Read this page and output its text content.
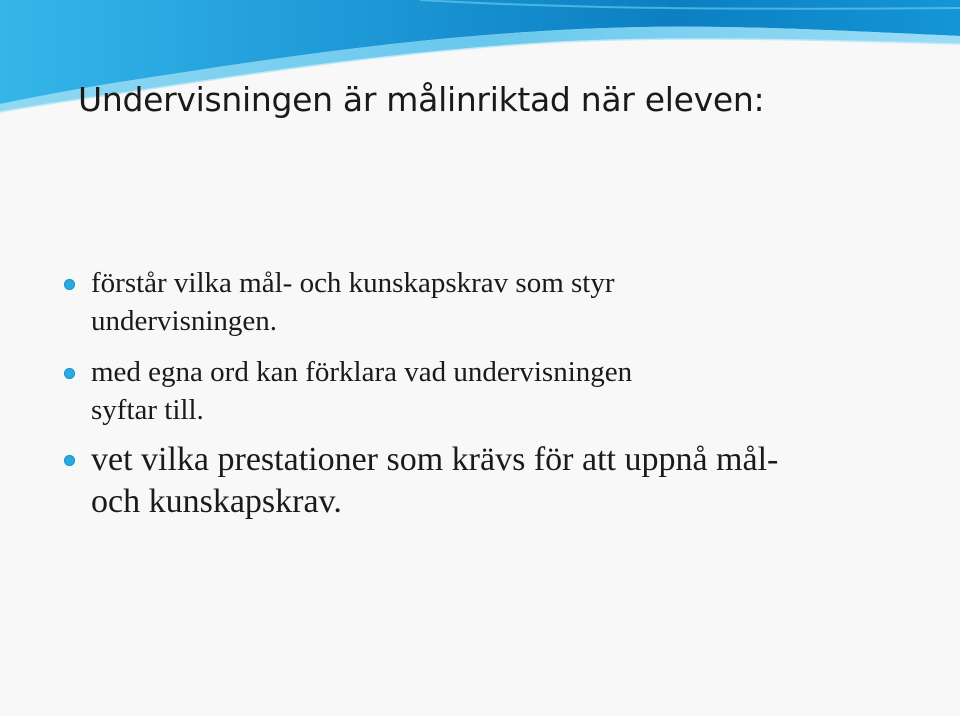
Undervisningen är målinriktad när eleven:
förstår vilka mål- och kunskapskrav som styr
undervisningen.
med egna ord kan förklara vad undervisningen
syftar till.
vet vilka prestationer som krävs för att uppnå mål-
och kunskapskrav.
